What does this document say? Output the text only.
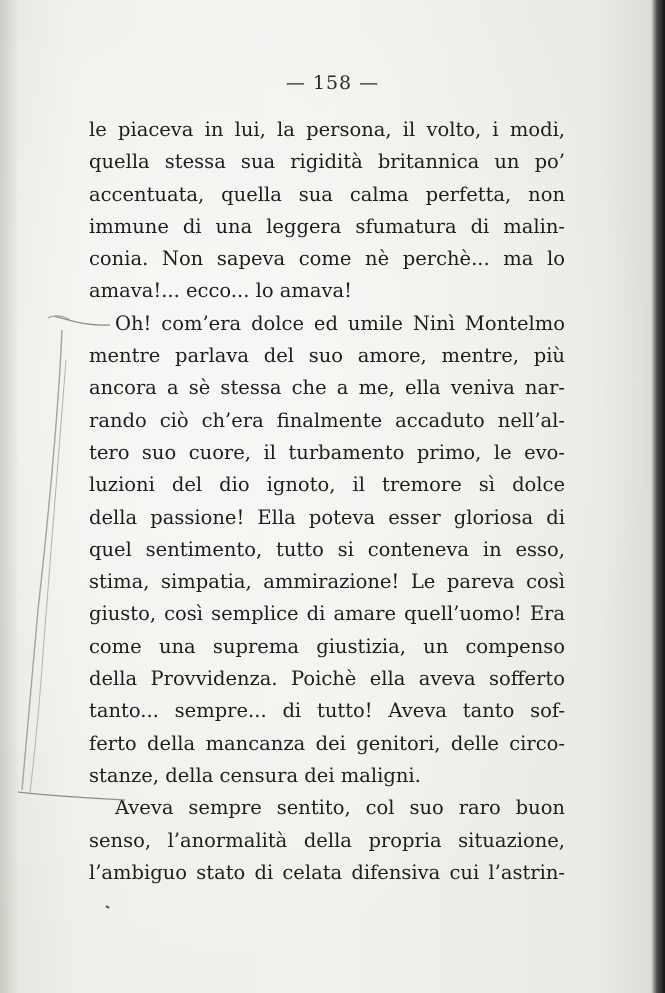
— 158 —
le piaceva in lui, la persona, il volto, i modi,
quella stessa sua rigidità britannica un po’
accentuata, quella sua calma perfetta, non
immune di una leggera sfumatura di malin-
conia. Non sapeva come nè perchè... ma lo
amava!... ecco... lo amava!
Oh! com’era dolce ed umile Ninì Montelmo
mentre parlava del suo amore, mentre, più
ancora a sè stessa che a me, ella veniva nar-
rando ciò ch’era finalmente accaduto nell’al-
tero suo cuore, il turbamento primo, le evo-
luzioni del dio ignoto, il tremore sì dolce
della passione! Ella poteva esser gloriosa di
quel sentimento, tutto si conteneva in esso,
stima, simpatia, ammirazione! Le pareva così
giusto, così semplice di amare quell’uomo! Era
come una suprema giustizia, un compenso
della Provvidenza. Poichè ella aveva sofferto
tanto... sempre... di tutto! Aveva tanto sof-
ferto della mancanza dei genitori, delle circo-
stanze, della censura dei maligni.
Aveva sempre sentito, col suo raro buon
senso, l’anormalità della propria situazione,
l’ambiguo stato di celata difensiva cui l’astrin-
